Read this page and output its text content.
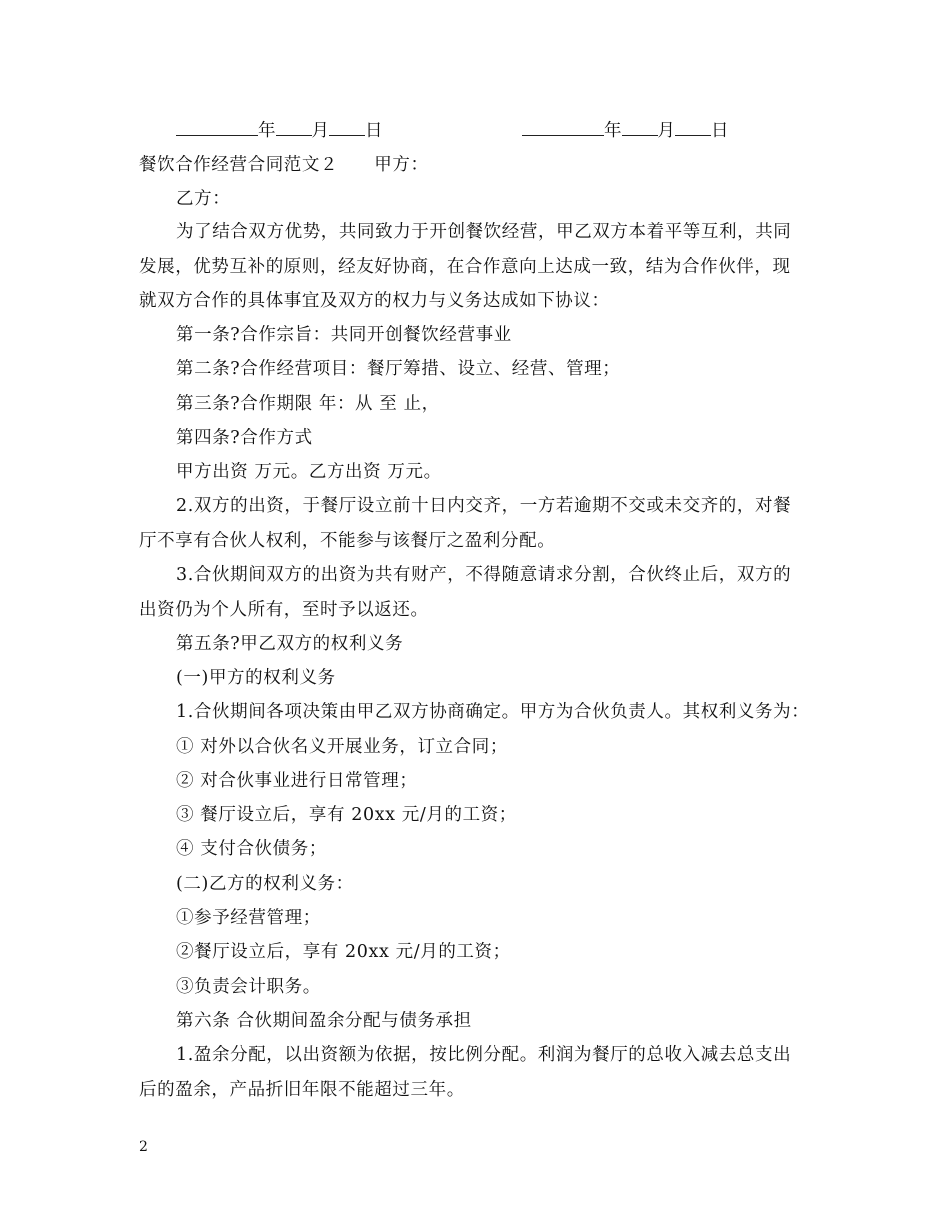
年 月 日	年 月 日
餐饮合作经营合同范文２　　甲方：
乙方：
为了结合双方优势，共同致力于开创餐饮经营，甲乙双方本着平等互利，共同
发展，优势互补的原则，经友好协商，在合作意向上达成一致，结为合作伙伴，现
就双方合作的具体事宜及双方的权力与义务达成如下协议：
第一条?合作宗旨：共同开创餐饮经营事业
第二条?合作经营项目：餐厅筹措、设立、经营、管理；
第三条?合作期限 年：从 至 止，
第四条?合作方式
甲方出资 万元。乙方出资 万元。
2.双方的出资，于餐厅设立前十日内交齐，一方若逾期不交或未交齐的，对餐
厅不享有合伙人权利，不能参与该餐厅之盈利分配。
3.合伙期间双方的出资为共有财产，不得随意请求分割，合伙终止后，双方的
出资仍为个人所有，至时予以返还。
第五条?甲乙双方的权利义务
(一)甲方的权利义务
1.合伙期间各项决策由甲乙双方协商确定。甲方为合伙负责人。其权利义务为：
① 对外以合伙名义开展业务，订立合同；
② 对合伙事业进行日常管理；
③ 餐厅设立后，享有 20xx 元/月的工资；
④ 支付合伙债务；
(二)乙方的权利义务：
①参予经营管理；
②餐厅设立后，享有 20xx 元/月的工资；
③负责会计职务。
第六条 合伙期间盈余分配与债务承担
1.盈余分配，以出资额为依据，按比例分配。利润为餐厅的总收入减去总支出
后的盈余，产品折旧年限不能超过三年。
2
